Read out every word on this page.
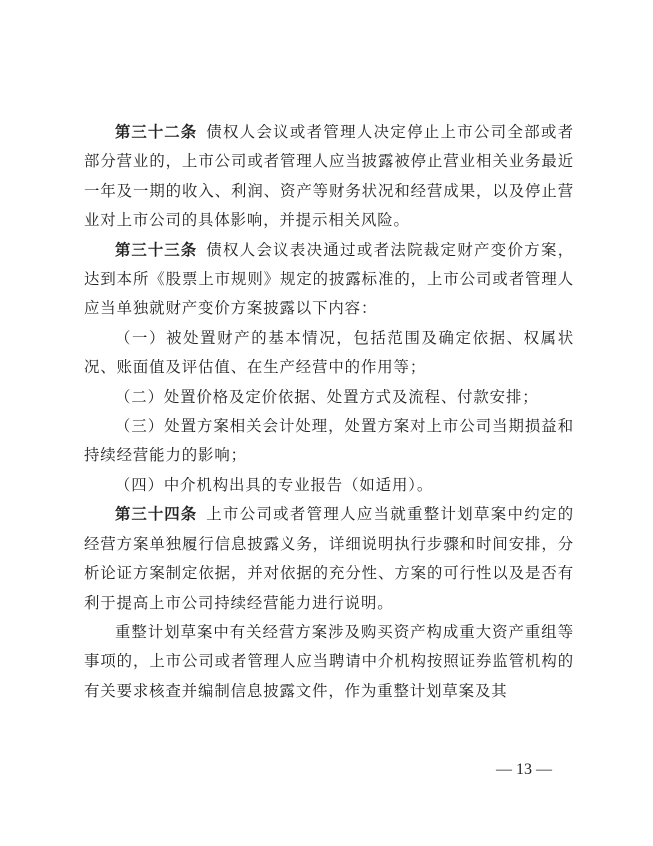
第三十二条  债权人会议或者管理人决定停止上市公司全部或者部分营业的，上市公司或者管理人应当披露被停止营业相关业务最近一年及一期的收入、利润、资产等财务状况和经营成果，以及停止营业对上市公司的具体影响，并提示相关风险。

第三十三条  债权人会议表决通过或者法院裁定财产变价方案，达到本所《股票上市规则》规定的披露标准的，上市公司或者管理人应当单独就财产变价方案披露以下内容：

（一）被处置财产的基本情况，包括范围及确定依据、权属状况、账面值及评估值、在生产经营中的作用等；

（二）处置价格及定价依据、处置方式及流程、付款安排；

（三）处置方案相关会计处理，处置方案对上市公司当期损益和持续经营能力的影响；

（四）中介机构出具的专业报告（如适用）。

第三十四条  上市公司或者管理人应当就重整计划草案中约定的经营方案单独履行信息披露义务，详细说明执行步骤和时间安排，分析论证方案制定依据，并对依据的充分性、方案的可行性以及是否有利于提高上市公司持续经营能力进行说明。

重整计划草案中有关经营方案涉及购买资产构成重大资产重组等事项的，上市公司或者管理人应当聘请中介机构按照证券监管机构的有关要求核查并编制信息披露文件，作为重整计划草案及其

— 13 —
